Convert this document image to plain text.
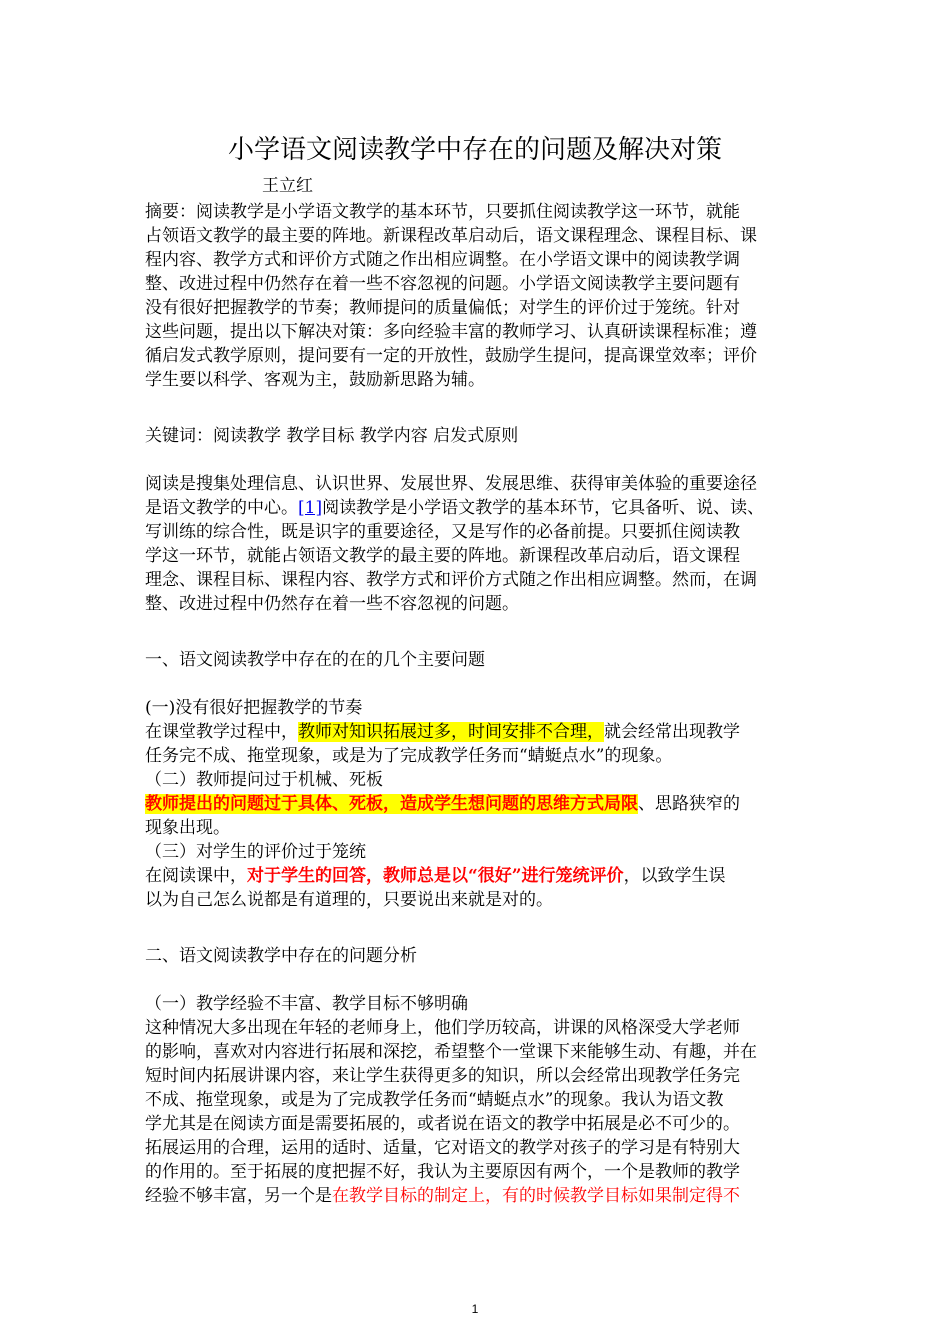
小学语文阅读教学中存在的问题及解决对策
王立红
摘要：阅读教学是小学语文教学的基本环节，只要抓住阅读教学这一环节，就能
占领语文教学的最主要的阵地。新课程改革启动后，语文课程理念、课程目标、课
程内容、教学方式和评价方式随之作出相应调整。在小学语文课中的阅读教学调
整、改进过程中仍然存在着一些不容忽视的问题。小学语文阅读教学主要问题有
没有很好把握教学的节奏；教师提问的质量偏低；对学生的评价过于笼统。针对
这些问题，提出以下解决对策：多向经验丰富的教师学习、认真研读课程标准；遵
循启发式教学原则，提问要有一定的开放性，鼓励学生提问，提高课堂效率；评价
学生要以科学、客观为主，鼓励新思路为辅。
关键词：阅读教学 教学目标 教学内容 启发式原则
阅读是搜集处理信息、认识世界、发展世界、发展思维、获得审美体验的重要途径
是语文教学的中心。[1]阅读教学是小学语文教学的基本环节，它具备听、说、读、
写训练的综合性，既是识字的重要途径，又是写作的必备前提。只要抓住阅读教
学这一环节，就能占领语文教学的最主要的阵地。新课程改革启动后，语文课程
理念、课程目标、课程内容、教学方式和评价方式随之作出相应调整。然而，在调
整、改进过程中仍然存在着一些不容忽视的问题。
一、语文阅读教学中存在的在的几个主要问题
(一)没有很好把握教学的节奏
在课堂教学过程中，教师对知识拓展过多，时间安排不合理，就会经常出现教学
任务完不成、拖堂现象，或是为了完成教学任务而“蜻蜓点水”的现象。
（二）教师提问过于机械、死板
教师提出的问题过于具体、死板，造成学生想问题的思维方式局限、思路狭窄的
现象出现。
（三）对学生的评价过于笼统
在阅读课中，对于学生的回答，教师总是以“很好”进行笼统评价，以致学生误
以为自己怎么说都是有道理的，只要说出来就是对的。
二、语文阅读教学中存在的问题分析
（一）教学经验不丰富、教学目标不够明确
这种情况大多出现在年轻的老师身上，他们学历较高，讲课的风格深受大学老师
的影响，喜欢对内容进行拓展和深挖，希望整个一堂课下来能够生动、有趣，并在
短时间内拓展讲课内容，来让学生获得更多的知识，所以会经常出现教学任务完
不成、拖堂现象，或是为了完成教学任务而“蜻蜓点水”的现象。我认为语文教
学尤其是在阅读方面是需要拓展的，或者说在语文的教学中拓展是必不可少的。
拓展运用的合理，运用的适时、适量，它对语文的教学对孩子的学习是有特别大
的作用的。至于拓展的度把握不好，我认为主要原因有两个，一个是教师的教学
经验不够丰富，另一个是在教学目标的制定上，有的时候教学目标如果制定得不
1
